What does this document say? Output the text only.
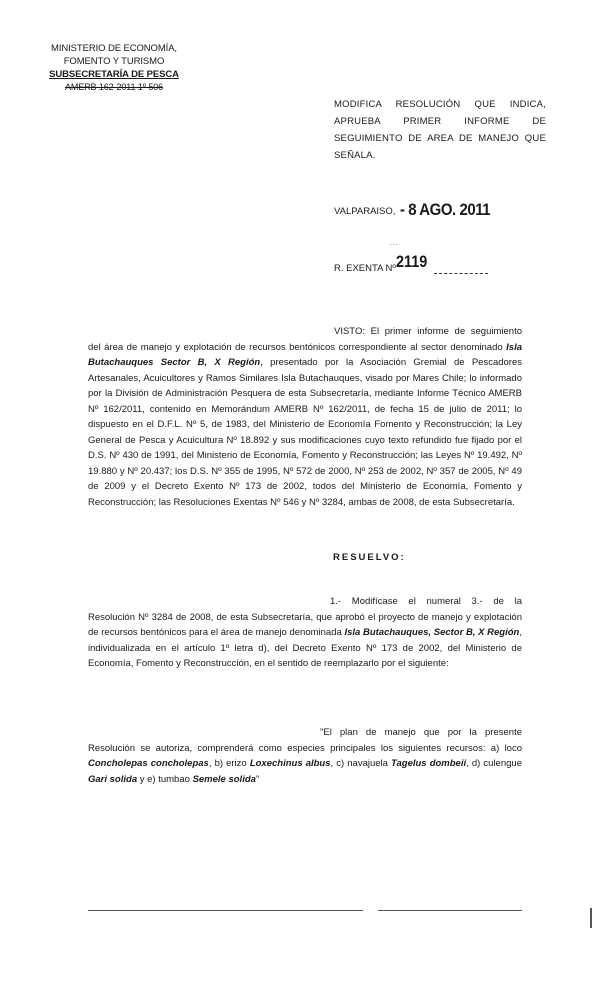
MINISTERIO DE ECONOMÍA,
FOMENTO Y TURISMO
SUBSECRETARÍA DE PESCA
AMERB 162-2011 1º 506
MODIFICA RESOLUCIÓN QUE INDICA, APRUEBA PRIMER INFORME DE SEGUIMIENTO DE AREA DE MANEJO QUE SEÑALA.
VALPARAISO, - 8 AGO. 2011
...
R. EXENTA Nº 2119

VISTO: El primer informe de seguimiento del área de manejo y explotación de recursos bentónicos correspondiente al sector denominado Isla Butachauques Sector B, X Región, presentado por la Asociación Gremial de Pescadores Artesanales, Acuicultores y Ramos Similares Isla Butachauques, visado por Mares Chile; lo informado por la División de Administración Pesquera de esta Subsecretaría, mediante Informe Técnico AMERB Nº 162/2011, contenido en Memorándum AMERB Nº 162/2011, de fecha 15 de julio de 2011; lo dispuesto en el D.F.L. Nº 5, de 1983, del Ministerio de Economía Fomento y Reconstrucción; la Ley General de Pesca y Acuicultura Nº 18.892 y sus modificaciones cuyo texto refundido fue fijado por el D.S. Nº 430 de 1991, del Ministerio de Economía, Fomento y Reconstrucción; las Leyes Nº 19.492, Nº 19.880 y Nº 20.437; los D.S. Nº 355 de 1995, Nº 572 de 2000, Nº 253 de 2002, Nº 357 de 2005, Nº 49 de 2009 y el Decreto Exento Nº 173 de 2002, todos del Ministerio de Economía, Fomento y Reconstrucción; las Resoluciones Exentas Nº 546 y Nº 3284, ambas de 2008, de esta Subsecretaría.

RESUELVO:

1.- Modifícase el numeral 3.- de la Resolución Nº 3284 de 2008, de esta Subsecretaría, que aprobó el proyecto de manejo y explotación de recursos bentónicos para el área de manejo denominada Isla Butachauques, Sector B, X Región, individualizada en el artículo 1º letra d), del Decreto Exento Nº 173 de 2002, del Ministerio de Economía, Fomento y Reconstrucción, en el sentido de reemplazarlo por el siguiente:

"El plan de manejo que por la presente Resolución se autoriza, comprenderá como especies principales los siguientes recursos: a) loco Concholepas concholepas, b) erizo Loxechinus albus, c) navajuela Tagelus dombeii, d) culengue Gari solida y e) tumbao Semele solida"
